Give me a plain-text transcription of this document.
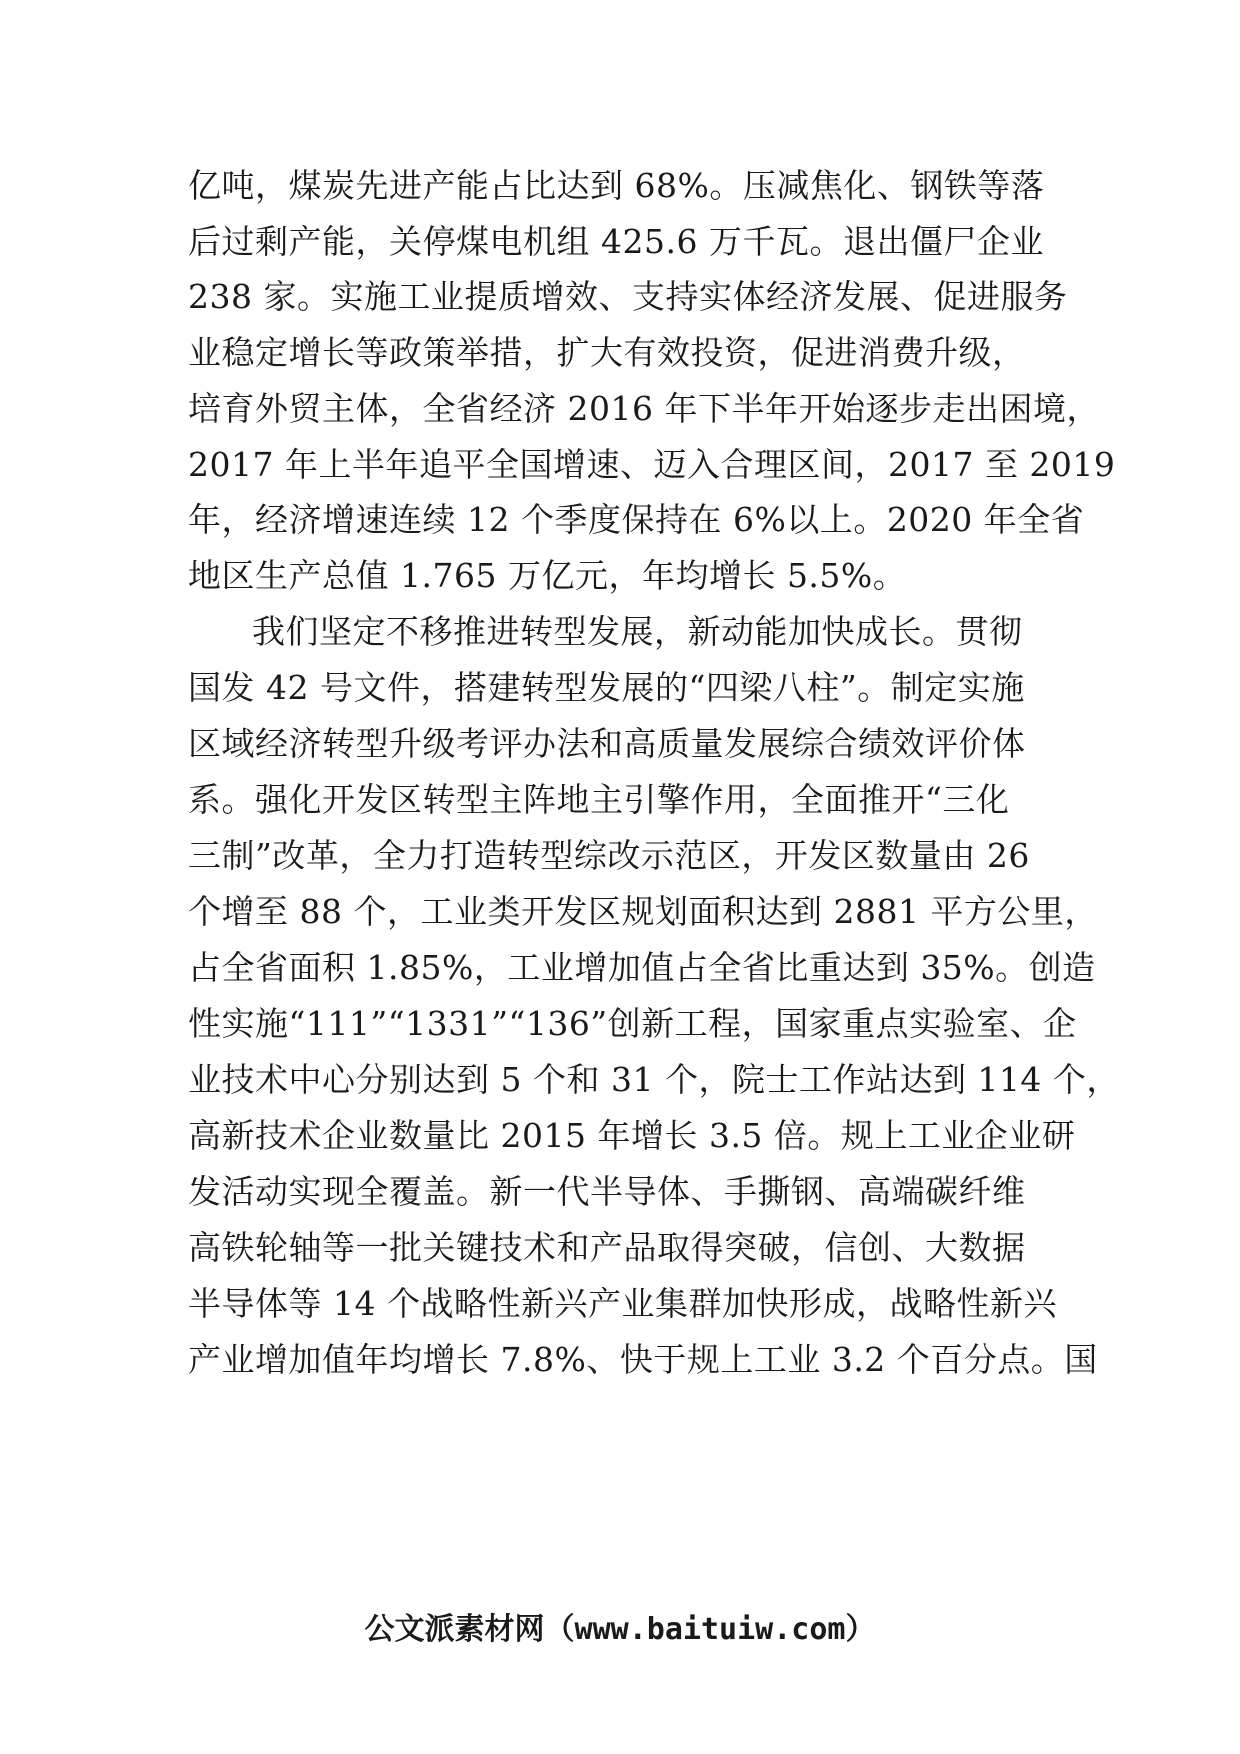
亿吨，煤炭先进产能占比达到 68%。压减焦化、钢铁等落
后过剩产能，关停煤电机组 425.6 万千瓦。退出僵尸企业
238 家。实施工业提质增效、支持实体经济发展、促进服务
业稳定增长等政策举措，扩大有效投资，促进消费升级，
培育外贸主体，全省经济 2016 年下半年开始逐步走出困境，
2017 年上半年追平全国增速、迈入合理区间，2017 至 2019
年，经济增速连续 12 个季度保持在 6%以上。2020 年全省
地区生产总值 1.765 万亿元，年均增长 5.5%。
我们坚定不移推进转型发展，新动能加快成长。贯彻
国发 42 号文件，搭建转型发展的“四梁八柱”。制定实施
区域经济转型升级考评办法和高质量发展综合绩效评价体
系。强化开发区转型主阵地主引擎作用，全面推开“三化
三制”改革，全力打造转型综改示范区，开发区数量由 26
个增至 88 个，工业类开发区规划面积达到 2881 平方公里，
占全省面积 1.85%，工业增加值占全省比重达到 35%。创造
性实施“111”“1331”“136”创新工程，国家重点实验室、企
业技术中心分别达到 5 个和 31 个，院士工作站达到 114 个，
高新技术企业数量比 2015 年增长 3.5 倍。规上工业企业研
发活动实现全覆盖。新一代半导体、手撕钢、高端碳纤维
高铁轮轴等一批关键技术和产品取得突破，信创、大数据
半导体等 14 个战略性新兴产业集群加快形成，战略性新兴
产业增加值年均增长 7.8%、快于规上工业 3.2 个百分点。国
公文派素材网（www.baituiw.com）
